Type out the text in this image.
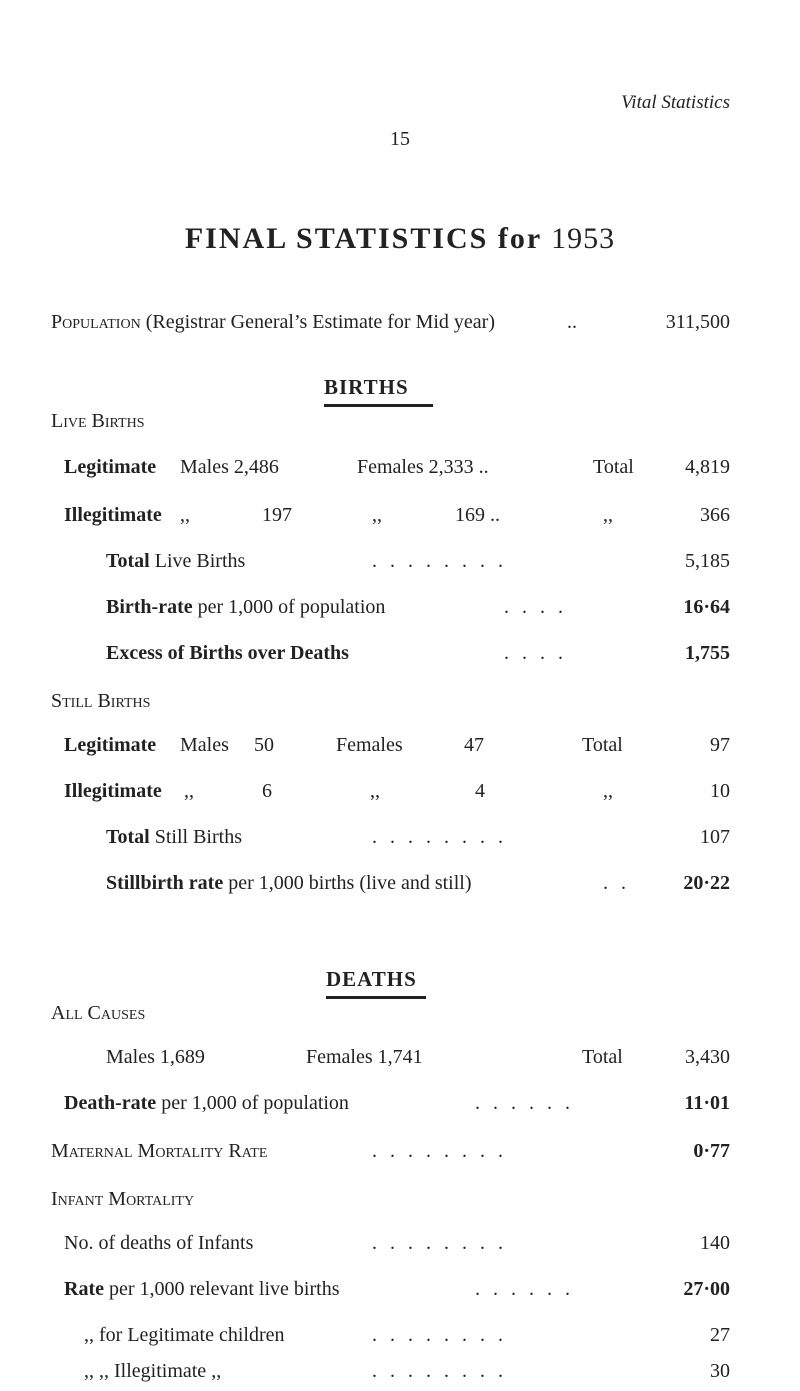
Vital Statistics
15
FINAL STATISTICS for 1953
Population (Registrar General’s Estimate for Mid year)	..	311,500
BIRTHS
Live Births
Legitimate Males 2,486	Females 2,333 ..	Total	4,819
Illegitimate ,,	197	,,	169 ..	,,	366
Total Live Births	. . . . . . . .	5,185
Birth-rate per 1,000 of population	. . . .	16·64
Excess of Births over Deaths	. . . .	1,755
Still Births
Legitimate Males 50	Females	47	Total	97
Illegitimate ,,	6	,,	4	,,	10
Total Still Births	. . . . . . . .	107
Stillbirth rate per 1,000 births (live and still)	. .	20·22
DEATHS
All Causes
Males 1,689	Females 1,741	Total	3,430
Death-rate per 1,000 of population	. . . . . .	11·01
Maternal Mortality Rate	. . . . . . . .	0·77
Infant Mortality
No. of deaths of Infants	. . . . . . . .	140
Rate per 1,000 relevant live births	. . . . . .	27·00
,, for Legitimate children	. . . . . . . .	27
,, ,, Illegitimate ,,	. . . . . . . .	30
